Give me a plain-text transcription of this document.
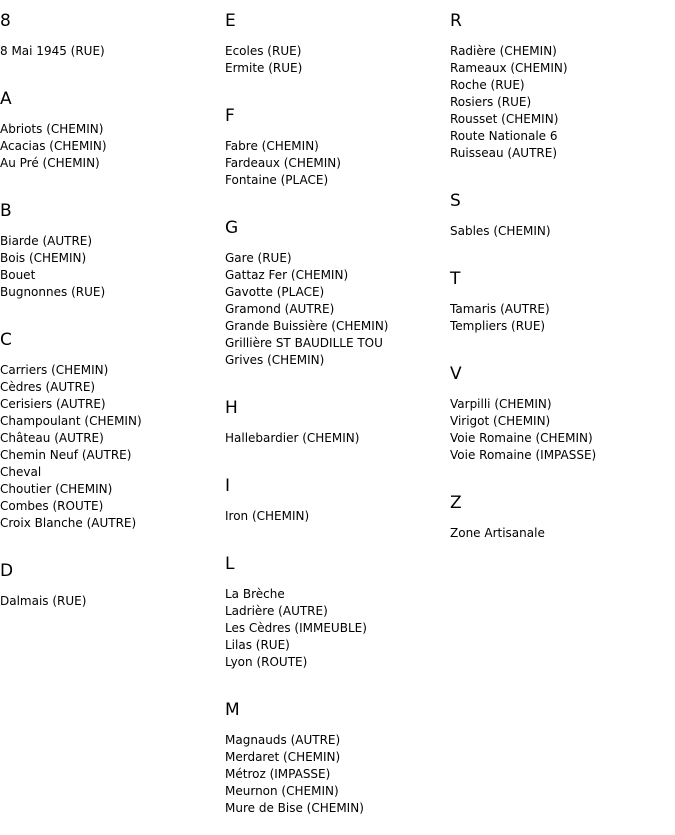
8
8 Mai 1945 (RUE)
A
Abriots (CHEMIN)
Acacias (CHEMIN)
Au Pré (CHEMIN)
B
Biarde (AUTRE)
Bois (CHEMIN)
Bouet
Bugnonnes (RUE)
C
Carriers (CHEMIN)
Cèdres (AUTRE)
Cerisiers (AUTRE)
Champoulant (CHEMIN)
Château (AUTRE)
Chemin Neuf (AUTRE)
Cheval
Choutier (CHEMIN)
Combes (ROUTE)
Croix Blanche (AUTRE)
D
Dalmais (RUE)
E
Ecoles (RUE)
Ermite (RUE)
F
Fabre (CHEMIN)
Fardeaux (CHEMIN)
Fontaine (PLACE)
G
Gare (RUE)
Gattaz Fer (CHEMIN)
Gavotte (PLACE)
Gramond (AUTRE)
Grande Buissière (CHEMIN)
Grillière ST BAUDILLE TOU
Grives (CHEMIN)
H
Hallebardier (CHEMIN)
I
Iron (CHEMIN)
L
La Brèche
Ladrière (AUTRE)
Les Cèdres (IMMEUBLE)
Lilas (RUE)
Lyon (ROUTE)
M
Magnauds (AUTRE)
Merdaret (CHEMIN)
Métroz (IMPASSE)
Meurnon (CHEMIN)
Mure de Bise (CHEMIN)
R
Radière (CHEMIN)
Rameaux (CHEMIN)
Roche (RUE)
Rosiers (RUE)
Rousset (CHEMIN)
Route Nationale 6
Ruisseau (AUTRE)
S
Sables (CHEMIN)
T
Tamaris (AUTRE)
Templiers (RUE)
V
Varpilli (CHEMIN)
Virigot (CHEMIN)
Voie Romaine (CHEMIN)
Voie Romaine (IMPASSE)
Z
Zone Artisanale
